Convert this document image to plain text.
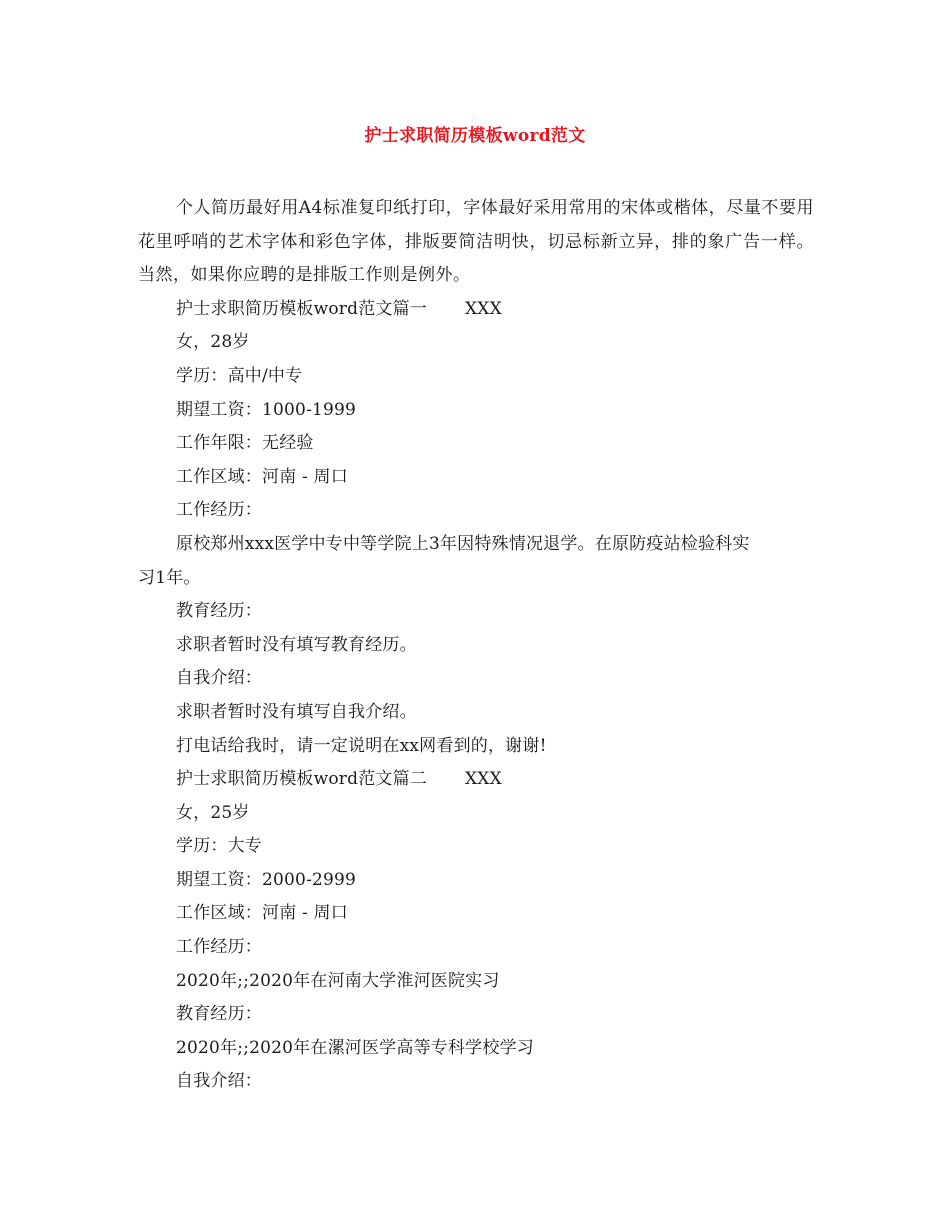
护士求职简历模板word范文
个人简历最好用A4标准复印纸打印，字体最好采用常用的宋体或楷体，尽量不要用花里呼哨的艺术字体和彩色字体，排版要简洁明快，切忌标新立异，排的象广告一样。当然，如果你应聘的是排版工作则是例外。
护士求职简历模板word范文篇一 XXX
女，28岁
学历：高中/中专
期望工资：1000-1999
工作年限：无经验
工作区域：河南 - 周口
工作经历：
原校郑州xxx医学中专中等学院上3年因特殊情况退学。在原防疫站检验科实
习1年。
教育经历：
求职者暂时没有填写教育经历。
自我介绍：
求职者暂时没有填写自我介绍。
打电话给我时，请一定说明在xx网看到的，谢谢!
护士求职简历模板word范文篇二 XXX
女，25岁
学历：大专
期望工资：2000-2999
工作区域：河南 - 周口
工作经历：
2020年;;2020年在河南大学淮河医院实习
教育经历：
2020年;;2020年在漯河医学高等专科学校学习
自我介绍：
